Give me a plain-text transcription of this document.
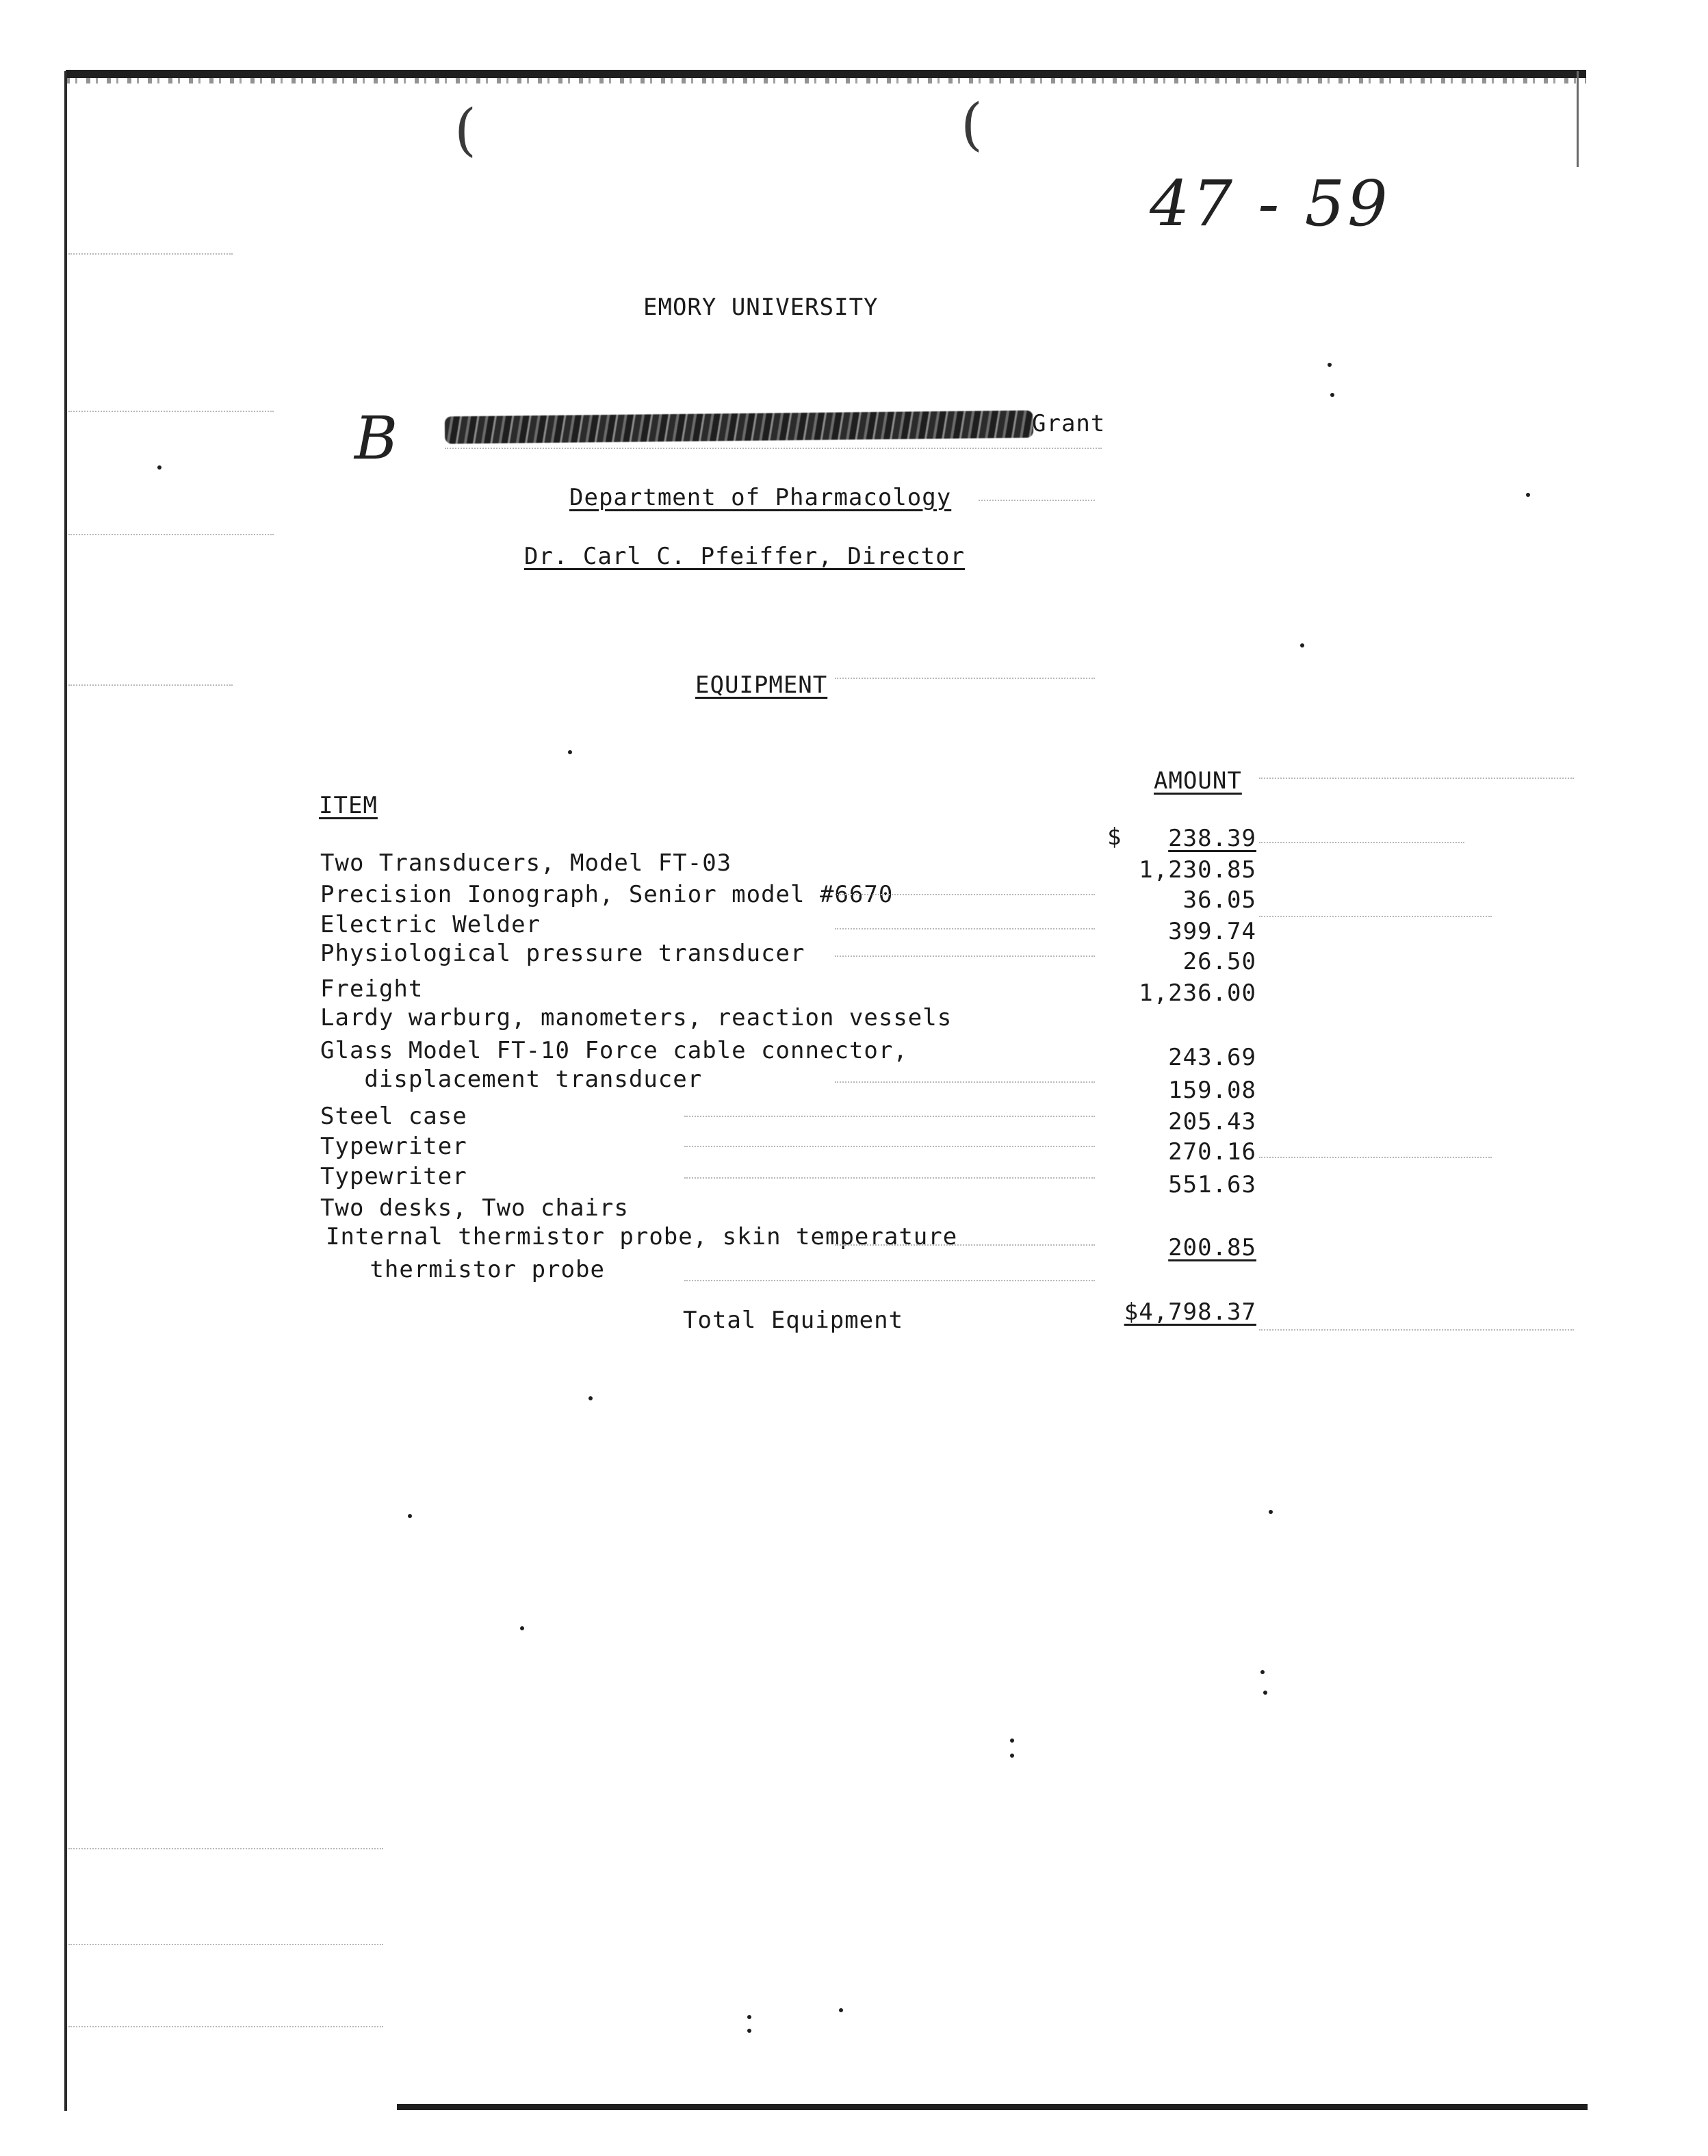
(	(
47 - 59
B
EMORY UNIVERSITY
Grant
Department of Pharmacology
Dr. Carl C. Pfeiffer, Director
EQUIPMENT
ITEM
AMOUNT
$
Two Transducers, Model FT-03
238.39
Precision Ionograph, Senior model #6670
1,230.85
Electric Welder
36.05
Physiological pressure transducer
399.74
Freight
26.50
Lardy warburg, manometers, reaction vessels
1,236.00
Glass Model FT-10 Force cable connector,
displacement transducer
243.69
Steel case
159.08
Typewriter
205.43
Typewriter
270.16
Two desks, Two chairs
551.63
Internal thermistor probe, skin temperature
thermistor probe
200.85
Total Equipment	$4,798.37
